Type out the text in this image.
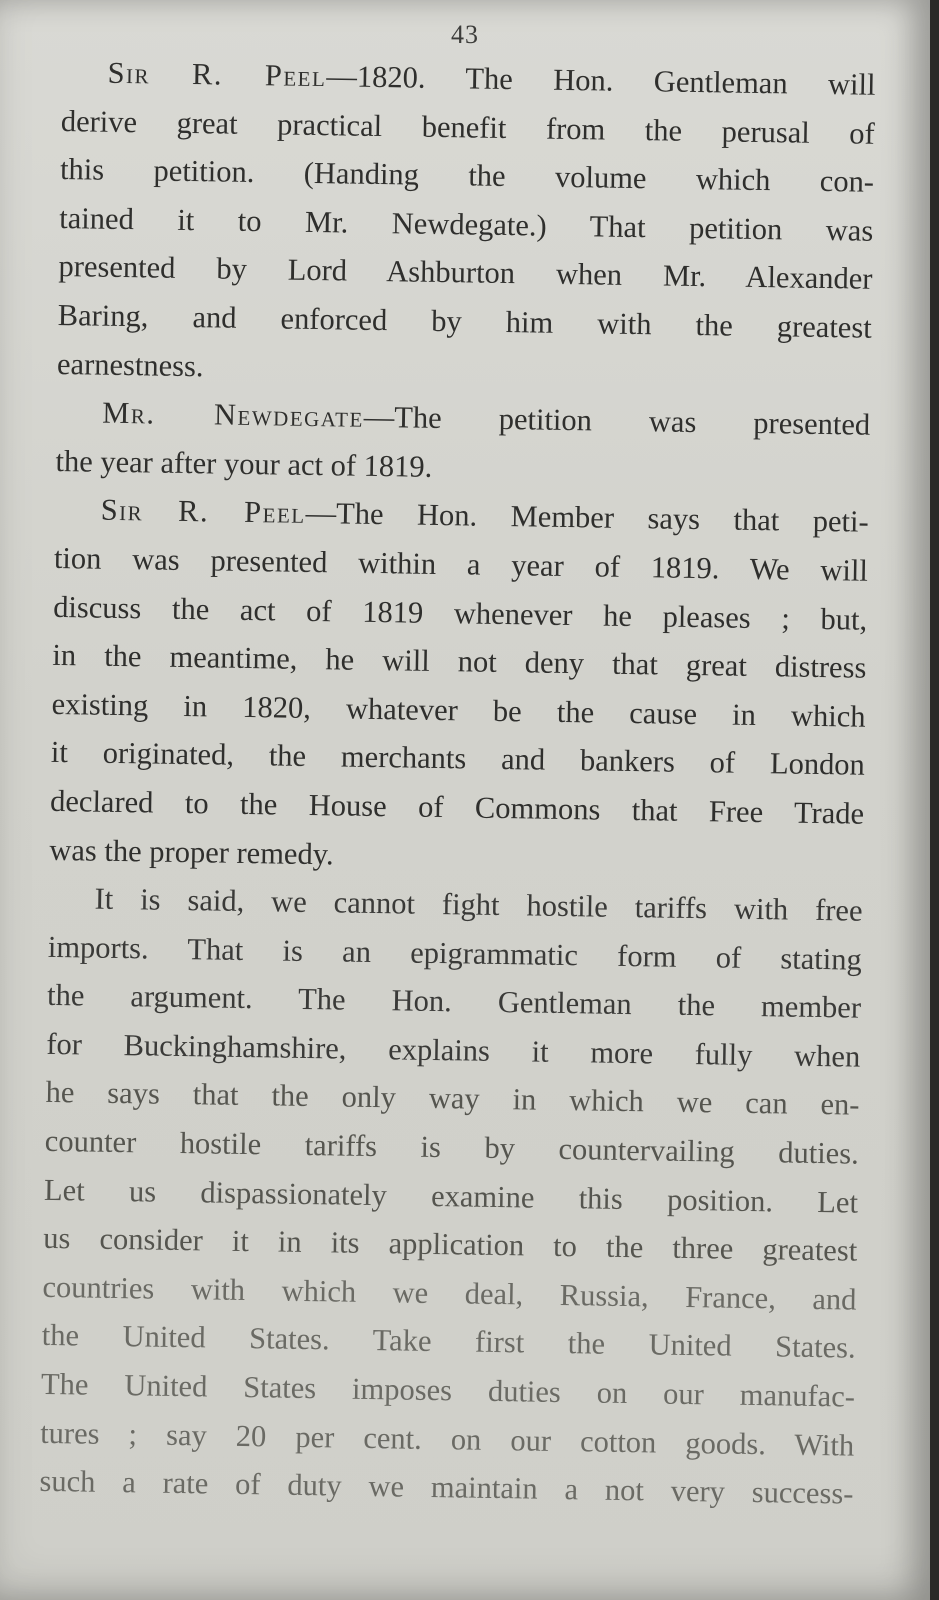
43
Sir R. Peel—1820. The Hon. Gentleman will
derive great practical benefit from the perusal of
this petition. (Handing the volume which con-
tained it to Mr. Newdegate.) That petition was
presented by Lord Ashburton when Mr. Alexander
Baring, and enforced by him with the greatest
earnestness.
Mr. Newdegate—The petition was presented
the year after your act of 1819.
Sir R. Peel—The Hon. Member says that peti-
tion was presented within a year of 1819. We will
discuss the act of 1819 whenever he pleases ; but,
in the meantime, he will not deny that great distress
existing in 1820, whatever be the cause in which
it originated, the merchants and bankers of London
declared to the House of Commons that Free Trade
was the proper remedy.
It is said, we cannot fight hostile tariffs with free
imports. That is an epigrammatic form of stating
the argument. The Hon. Gentleman the member
for Buckinghamshire, explains it more fully when
he says that the only way in which we can en-
counter hostile tariffs is by countervailing duties.
Let us dispassionately examine this position. Let
us consider it in its application to the three greatest
countries with which we deal, Russia, France, and
the United States. Take first the United States.
The United States imposes duties on our manufac-
tures ; say 20 per cent. on our cotton goods. With
such a rate of duty we maintain a not very success-
